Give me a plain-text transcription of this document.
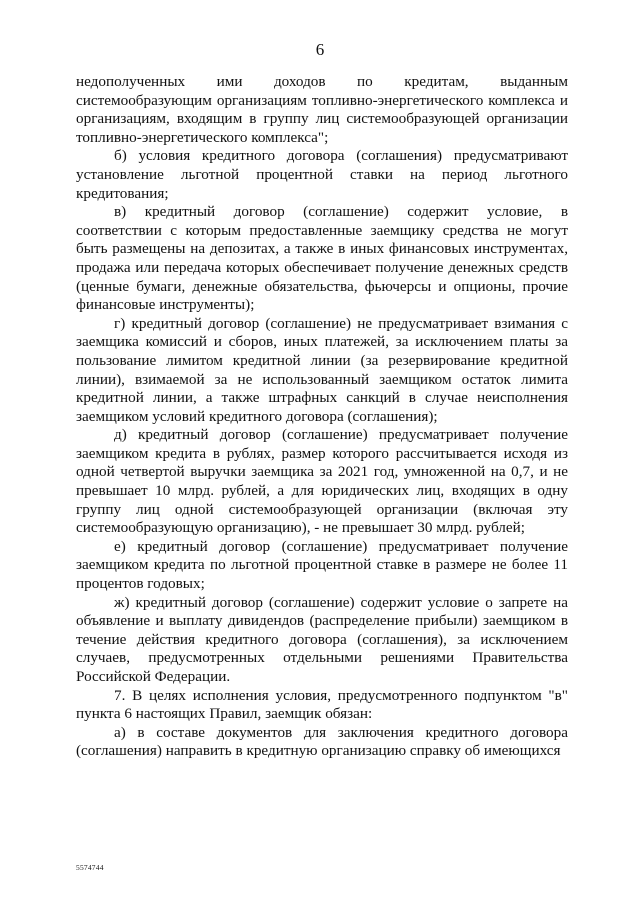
6

недополученных ими доходов по кредитам, выданным системообразующим организациям топливно-энергетического комплекса и организациям, входящим в группу лиц системообразующей организации топливно-энергетического комплекса";

б) условия кредитного договора (соглашения) предусматривают установление льготной процентной ставки на период льготного кредитования;

в) кредитный договор (соглашение) содержит условие, в соответствии с которым предоставленные заемщику средства не могут быть размещены на депозитах, а также в иных финансовых инструментах, продажа или передача которых обеспечивает получение денежных средств (ценные бумаги, денежные обязательства, фьючерсы и опционы, прочие финансовые инструменты);

г) кредитный договор (соглашение) не предусматривает взимания с заемщика комиссий и сборов, иных платежей, за исключением платы за пользование лимитом кредитной линии (за резервирование кредитной линии), взимаемой за не использованный заемщиком остаток лимита кредитной линии, а также штрафных санкций в случае неисполнения заемщиком условий кредитного договора (соглашения);

д) кредитный договор (соглашение) предусматривает получение заемщиком кредита в рублях, размер которого рассчитывается исходя из одной четвертой выручки заемщика за 2021 год, умноженной на 0,7, и не превышает 10 млрд. рублей, а для юридических лиц, входящих в одну группу лиц одной системообразующей организации (включая эту системообразующую организацию), - не превышает 30 млрд. рублей;

е) кредитный договор (соглашение) предусматривает получение заемщиком кредита по льготной процентной ставке в размере не более 11 процентов годовых;

ж) кредитный договор (соглашение) содержит условие о запрете на объявление и выплату дивидендов (распределение прибыли) заемщиком в течение действия кредитного договора (соглашения), за исключением случаев, предусмотренных отдельными решениями Правительства Российской Федерации.

7. В целях исполнения условия, предусмотренного подпунктом "в" пункта 6 настоящих Правил, заемщик обязан:

а) в составе документов для заключения кредитного договора (соглашения) направить в кредитную организацию справку об имеющихся

5574744
